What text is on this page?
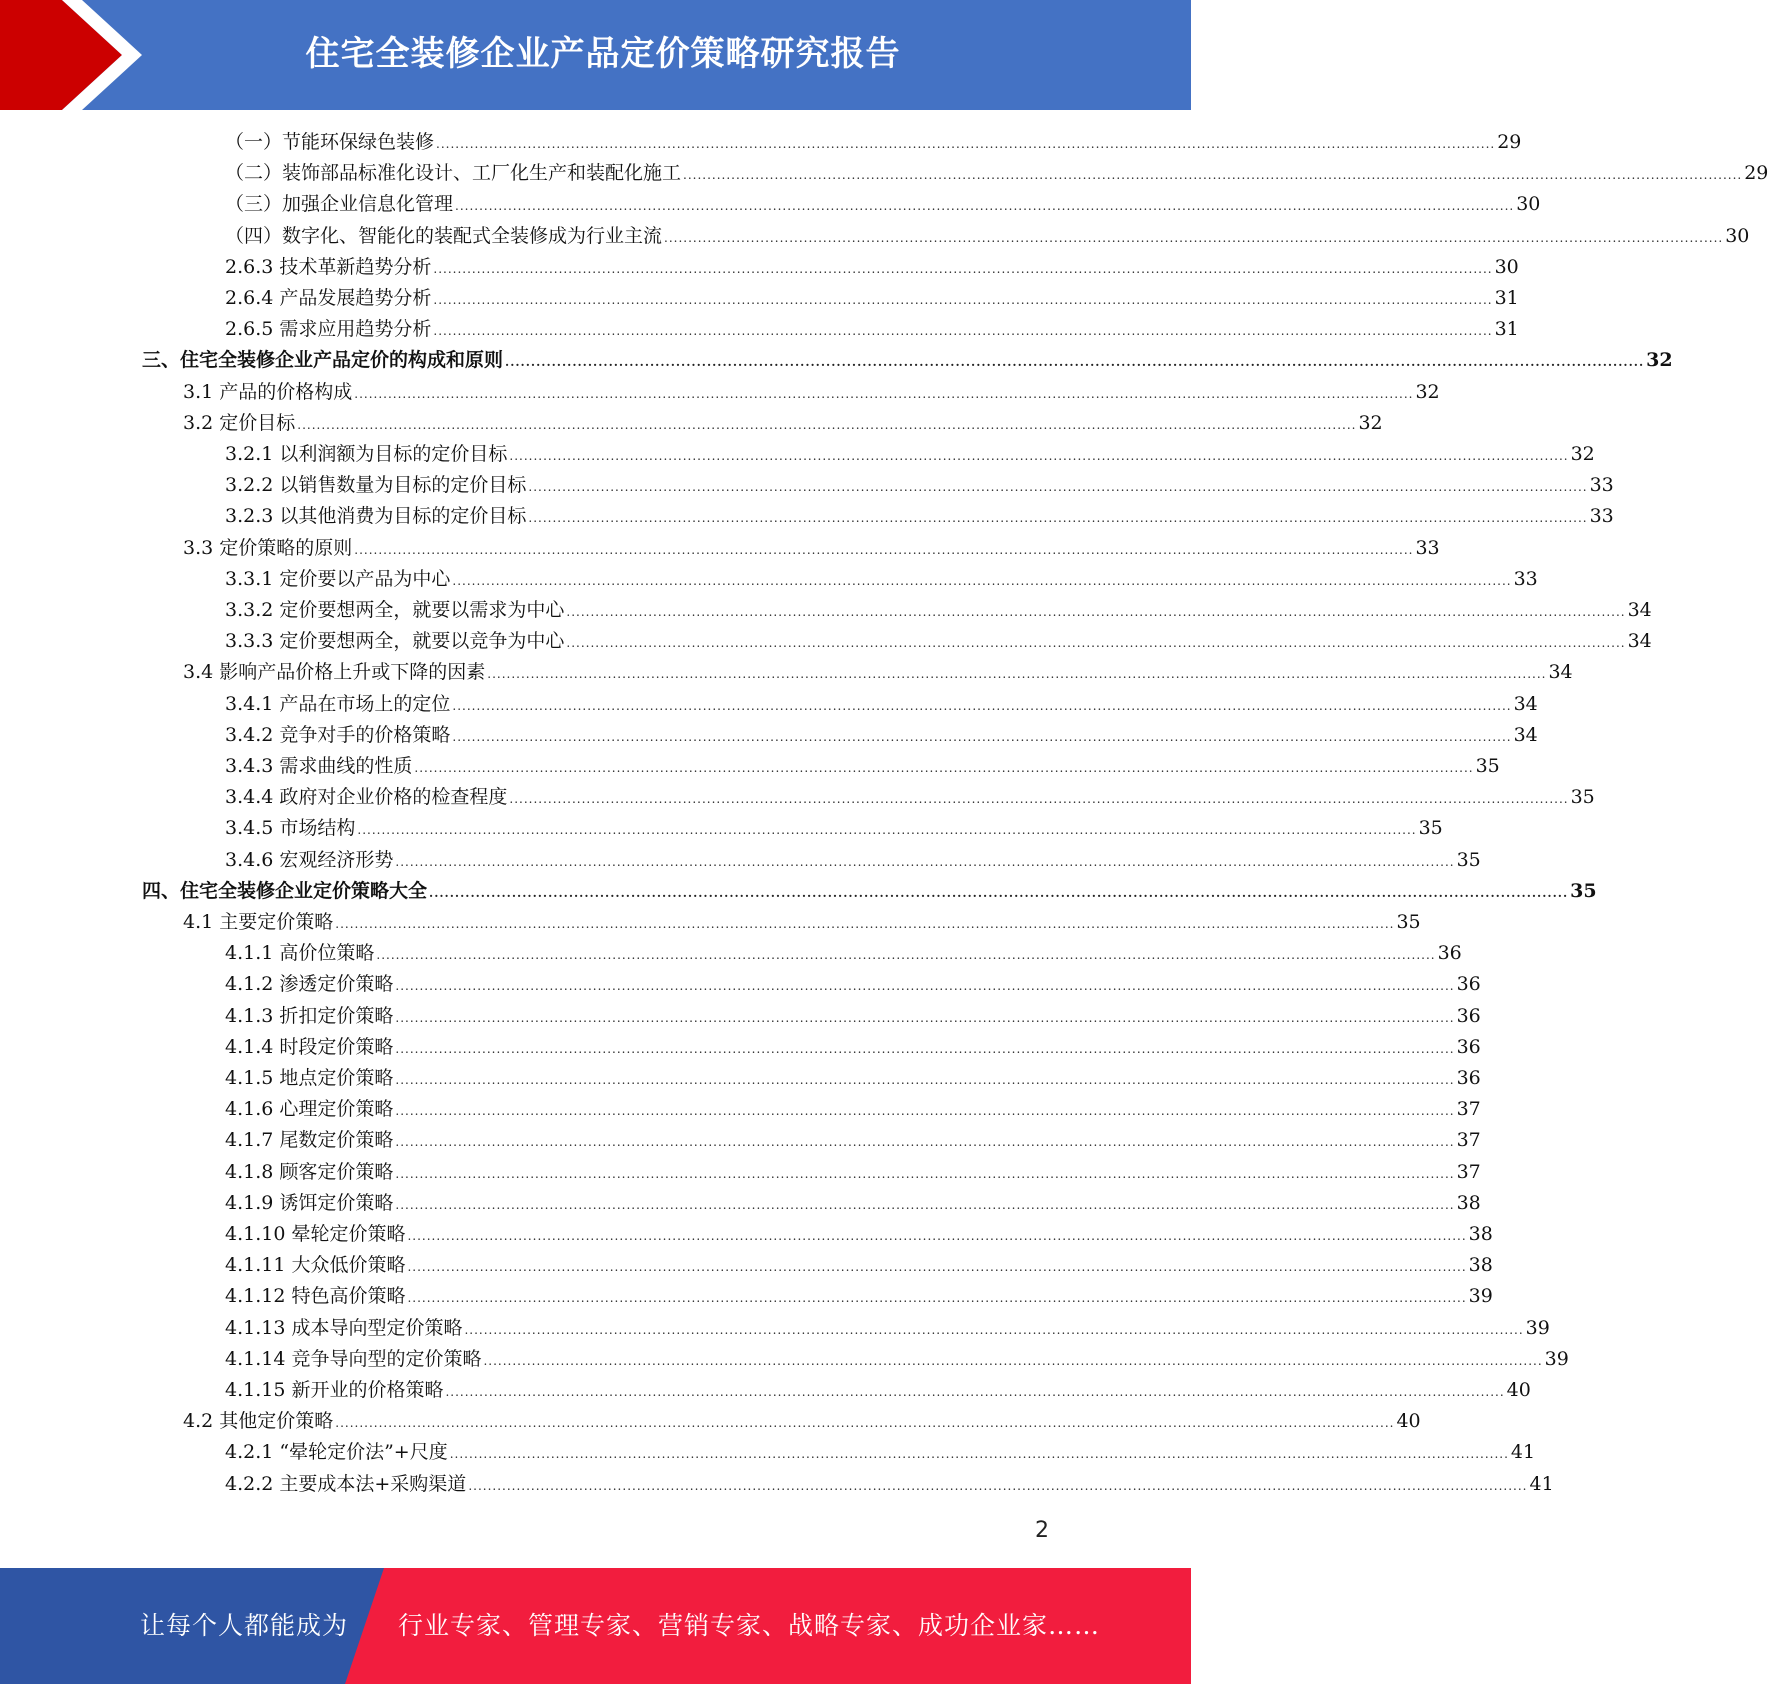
住宅全装修企业产品定价策略研究报告
（一）节能环保绿色装修 ............................................................................................................................................................................................................................ 29
（二）装饰部品标准化设计、工厂化生产和装配化施工 ............................................................................................................................................................................................................................ 29
（三）加强企业信息化管理 ............................................................................................................................................................................................................................ 30
（四）数字化、智能化的装配式全装修成为行业主流 ............................................................................................................................................................................................................................ 30
2.6.3 技术革新趋势分析 ............................................................................................................................................................................................................................ 30
2.6.4 产品发展趋势分析 ............................................................................................................................................................................................................................ 31
2.6.5 需求应用趋势分析 ............................................................................................................................................................................................................................ 31
三、住宅全装修企业产品定价的构成和原则 ............................................................................................................................................................................................................................ 32
3.1 产品的价格构成 ............................................................................................................................................................................................................................ 32
3.2 定价目标 ............................................................................................................................................................................................................................ 32
3.2.1 以利润额为目标的定价目标 ............................................................................................................................................................................................................................ 32
3.2.2 以销售数量为目标的定价目标 ............................................................................................................................................................................................................................ 33
3.2.3 以其他消费为目标的定价目标 ............................................................................................................................................................................................................................ 33
3.3 定价策略的原则 ............................................................................................................................................................................................................................ 33
3.3.1 定价要以产品为中心 ............................................................................................................................................................................................................................ 33
3.3.2 定价要想两全，就要以需求为中心 ............................................................................................................................................................................................................................ 34
3.3.3 定价要想两全，就要以竞争为中心 ............................................................................................................................................................................................................................ 34
3.4 影响产品价格上升或下降的因素 ............................................................................................................................................................................................................................ 34
3.4.1 产品在市场上的定位 ............................................................................................................................................................................................................................ 34
3.4.2 竞争对手的价格策略 ............................................................................................................................................................................................................................ 34
3.4.3 需求曲线的性质 ............................................................................................................................................................................................................................ 35
3.4.4 政府对企业价格的检查程度 ............................................................................................................................................................................................................................ 35
3.4.5 市场结构 ............................................................................................................................................................................................................................ 35
3.4.6 宏观经济形势 ............................................................................................................................................................................................................................ 35
四、住宅全装修企业定价策略大全 ............................................................................................................................................................................................................................ 35
4.1 主要定价策略 ............................................................................................................................................................................................................................ 35
4.1.1 高价位策略 ............................................................................................................................................................................................................................ 36
4.1.2 渗透定价策略 ............................................................................................................................................................................................................................ 36
4.1.3 折扣定价策略 ............................................................................................................................................................................................................................ 36
4.1.4 时段定价策略 ............................................................................................................................................................................................................................ 36
4.1.5 地点定价策略 ............................................................................................................................................................................................................................ 36
4.1.6 心理定价策略 ............................................................................................................................................................................................................................ 37
4.1.7 尾数定价策略 ............................................................................................................................................................................................................................ 37
4.1.8 顾客定价策略 ............................................................................................................................................................................................................................ 37
4.1.9 诱饵定价策略 ............................................................................................................................................................................................................................ 38
4.1.10 晕轮定价策略 ............................................................................................................................................................................................................................ 38
4.1.11 大众低价策略 ............................................................................................................................................................................................................................ 38
4.1.12 特色高价策略 ............................................................................................................................................................................................................................ 39
4.1.13 成本导向型定价策略 ............................................................................................................................................................................................................................ 39
4.1.14 竞争导向型的定价策略 ............................................................................................................................................................................................................................ 39
4.1.15 新开业的价格策略 ............................................................................................................................................................................................................................ 40
4.2 其他定价策略 ............................................................................................................................................................................................................................ 40
4.2.1 “晕轮定价法”+尺度 ............................................................................................................................................................................................................................ 41
4.2.2 主要成本法+采购渠道 ............................................................................................................................................................................................................................ 41
2
让每个人都能成为 行业专家、管理专家、营销专家、战略专家、成功企业家……
